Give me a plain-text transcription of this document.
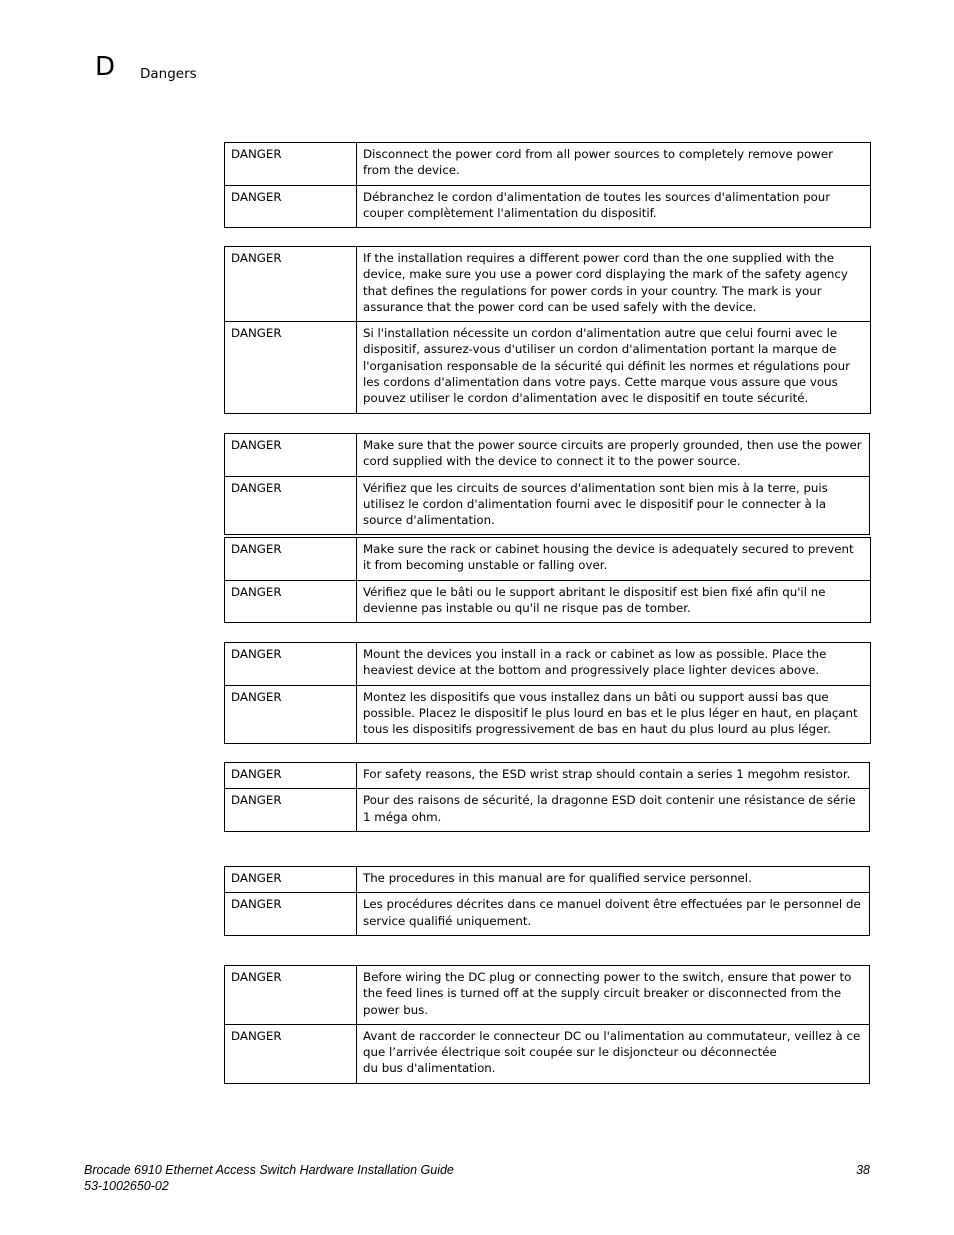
D Dangers
DANGER	Disconnect the power cord from all power sources to completely remove power from the device.
DANGER	Débranchez le cordon d'alimentation de toutes les sources d'alimentation pour couper complètement l'alimentation du dispositif.
DANGER	If the installation requires a different power cord than the one supplied with the device, make sure you use a power cord displaying the mark of the safety agency that defines the regulations for power cords in your country. The mark is your assurance that the power cord can be used safely with the device.
DANGER	Si l'installation nécessite un cordon d'alimentation autre que celui fourni avec le dispositif, assurez-vous d'utiliser un cordon d'alimentation portant la marque de l'organisation responsable de la sécurité qui définit les normes et régulations pour les cordons d'alimentation dans votre pays. Cette marque vous assure que vous pouvez utiliser le cordon d'alimentation avec le dispositif en toute sécurité.
DANGER	Make sure that the power source circuits are properly grounded, then use the power cord supplied with the device to connect it to the power source.
DANGER	Vérifiez que les circuits de sources d'alimentation sont bien mis à la terre, puis utilisez le cordon d'alimentation fourni avec le dispositif pour le connecter à la source d'alimentation.
DANGER	Make sure the rack or cabinet housing the device is adequately secured to prevent it from becoming unstable or falling over.
DANGER	Vérifiez que le bâti ou le support abritant le dispositif est bien fixé afin qu'il ne devienne pas instable ou qu'il ne risque pas de tomber.
DANGER	Mount the devices you install in a rack or cabinet as low as possible. Place the heaviest device at the bottom and progressively place lighter devices above.
DANGER	Montez les dispositifs que vous installez dans un bâti ou support aussi bas que possible. Placez le dispositif le plus lourd en bas et le plus léger en haut, en plaçant tous les dispositifs progressivement de bas en haut du plus lourd au plus léger.
DANGER	For safety reasons, the ESD wrist strap should contain a series 1 megohm resistor.
DANGER	Pour des raisons de sécurité, la dragonne ESD doit contenir une résistance de série 1 méga ohm.
DANGER	The procedures in this manual are for qualified service personnel.
DANGER	Les procédures décrites dans ce manuel doivent être effectuées par le personnel de service qualifié uniquement.
DANGER	Before wiring the DC plug or connecting power to the switch, ensure that power to the feed lines is turned off at the supply circuit breaker or disconnected from the power bus.
DANGER	Avant de raccorder le connecteur DC ou l'alimentation au commutateur, veillez à ce que l’arrivée électrique soit coupée sur le disjoncteur ou déconnectée
du bus d'alimentation.
Brocade 6910 Ethernet Access Switch Hardware Installation Guide
53-1002650-02
38
